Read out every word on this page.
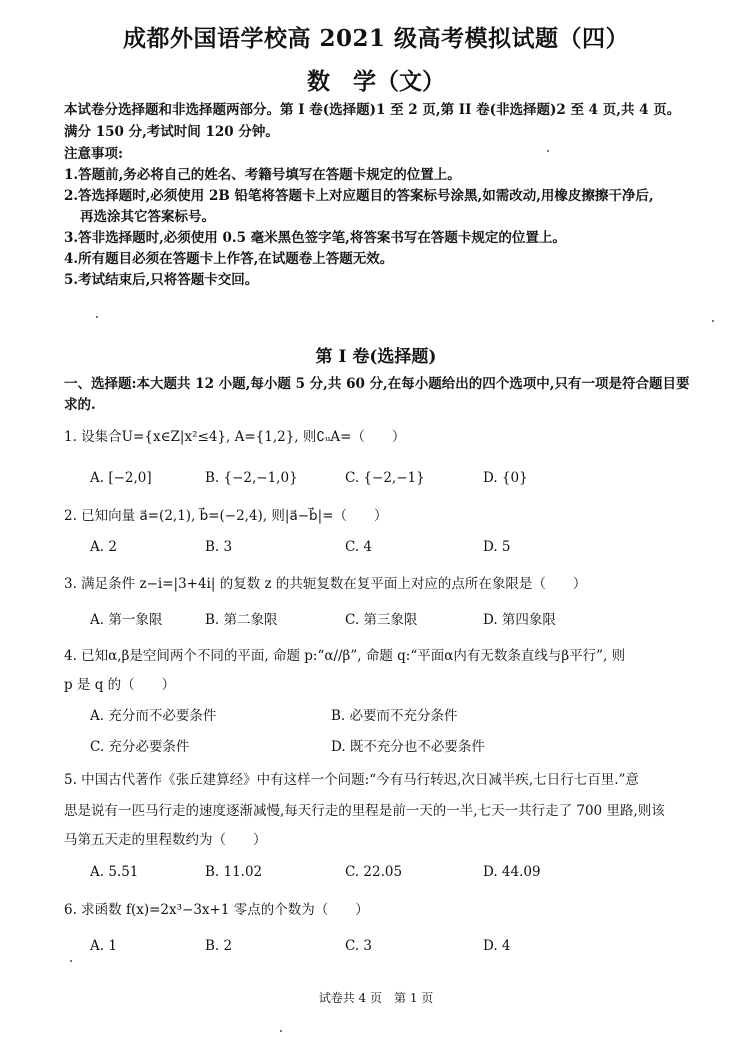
成都外国语学校高 2021 级高考模拟试题（四）
数　学（文）
本试卷分选择题和非选择题两部分。第 I 卷(选择题)1 至 2 页,第 II 卷(非选择题)2 至 4 页,共 4 页。
满分 150 分,考试时间 120 分钟。
注意事项:
1.答题前,务必将自己的姓名、考籍号填写在答题卡规定的位置上。
2.答选择题时,必须使用 2B 铅笔将答题卡上对应题目的答案标号涂黑,如需改动,用橡皮擦擦干净后,
再选涂其它答案标号。
3.答非选择题时,必须使用 0.5 毫米黑色签字笔,将答案书写在答题卡规定的位置上。
4.所有题目必须在答题卡上作答,在试题卷上答题无效。
5.考试结束后,只将答题卡交回。
第 I 卷(选择题)
一、选择题:本大题共 12 小题,每小题 5 分,共 60 分,在每小题给出的四个选项中,只有一项是符合题目要
求的.
1. 设集合U={x∈Z|x²≤4}, A={1,2}, 则∁ᵤA=（　　）
A. [−2,0]	B. {−2,−1,0}	C. {−2,−1}	D. {0}
2. 已知向量 a⃗=(2,1), b⃗=(−2,4), 则|a⃗−b⃗|=（　　）
A. 2	B. 3	C. 4	D. 5
3. 满足条件 z−i=|3+4i| 的复数 z 的共轭复数在复平面上对应的点所在象限是（　　）
A. 第一象限	B. 第二象限	C. 第三象限	D. 第四象限
4. 已知α,β是空间两个不同的平面, 命题 p:“α//β”, 命题 q:“平面α内有无数条直线与β平行”, 则
p 是 q 的（　　）
A. 充分而不必要条件	B. 必要而不充分条件
C. 充分必要条件	D. 既不充分也不必要条件
5. 中国古代著作《张丘建算经》中有这样一个问题:“今有马行转迟,次日减半疾,七日行七百里.”意
思是说有一匹马行走的速度逐渐减慢,每天行走的里程是前一天的一半,七天一共行走了 700 里路,则该
马第五天走的里程数约为（　　）
A. 5.51	B. 11.02	C. 22.05	D. 44.09
6. 求函数 f(x)=2x³−3x+1 零点的个数为（　　）
A. 1	B. 2	C. 3	D. 4
试卷共 4 页　第 1 页
